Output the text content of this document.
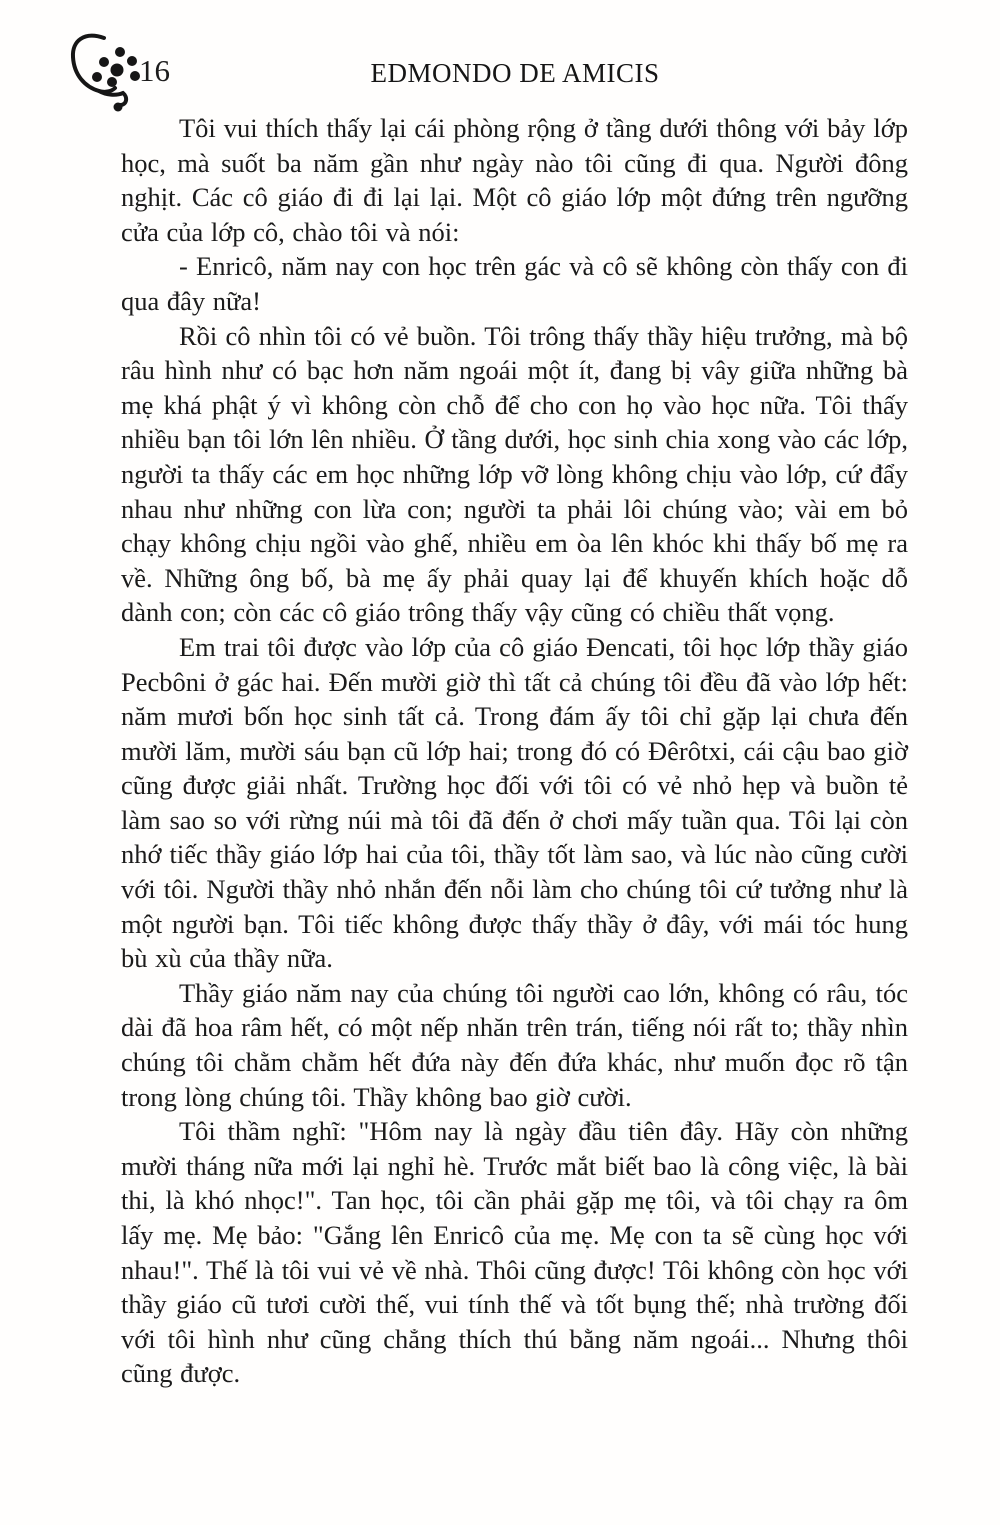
16	EDMONDO DE AMICIS

Tôi vui thích thấy lại cái phòng rộng ở tầng dưới thông với bảy lớp học, mà suốt ba năm gần như ngày nào tôi cũng đi qua. Người đông nghịt. Các cô giáo đi đi lại lại. Một cô giáo lớp một đứng trên ngưỡng cửa của lớp cô, chào tôi và nói:

- Enricô, năm nay con học trên gác và cô sẽ không còn thấy con đi qua đây nữa!

Rồi cô nhìn tôi có vẻ buồn. Tôi trông thấy thầy hiệu trưởng, mà bộ râu hình như có bạc hơn năm ngoái một ít, đang bị vây giữa những bà mẹ khá phật ý vì không còn chỗ để cho con họ vào học nữa. Tôi thấy nhiều bạn tôi lớn lên nhiều. Ở tầng dưới, học sinh chia xong vào các lớp, người ta thấy các em học những lớp vỡ lòng không chịu vào lớp, cứ đẩy nhau như những con lừa con; người ta phải lôi chúng vào; vài em bỏ chạy không chịu ngồi vào ghế, nhiều em òa lên khóc khi thấy bố mẹ ra về. Những ông bố, bà mẹ ấy phải quay lại để khuyến khích hoặc dỗ dành con; còn các cô giáo trông thấy vậy cũng có chiều thất vọng.

Em trai tôi được vào lớp của cô giáo Đencati, tôi học lớp thầy giáo Pecbôni ở gác hai. Đến mười giờ thì tất cả chúng tôi đều đã vào lớp hết: năm mươi bốn học sinh tất cả. Trong đám ấy tôi chỉ gặp lại chưa đến mười lăm, mười sáu bạn cũ lớp hai; trong đó có Đêrôtxi, cái cậu bao giờ cũng được giải nhất. Trường học đối với tôi có vẻ nhỏ hẹp và buồn tẻ làm sao so với rừng núi mà tôi đã đến ở chơi mấy tuần qua. Tôi lại còn nhớ tiếc thầy giáo lớp hai của tôi, thầy tốt làm sao, và lúc nào cũng cười với tôi. Người thầy nhỏ nhắn đến nỗi làm cho chúng tôi cứ tưởng như là một người bạn. Tôi tiếc không được thấy thầy ở đây, với mái tóc hung bù xù của thầy nữa.

Thầy giáo năm nay của chúng tôi người cao lớn, không có râu, tóc dài đã hoa râm hết, có một nếp nhăn trên trán, tiếng nói rất to; thầy nhìn chúng tôi chằm chằm hết đứa này đến đứa khác, như muốn đọc rõ tận trong lòng chúng tôi. Thầy không bao giờ cười.

Tôi thầm nghĩ: "Hôm nay là ngày đầu tiên đây. Hãy còn những mười tháng nữa mới lại nghỉ hè. Trước mắt biết bao là công việc, là bài thi, là khó nhọc!". Tan học, tôi cần phải gặp mẹ tôi, và tôi chạy ra ôm lấy mẹ. Mẹ bảo: "Gắng lên Enricô của mẹ. Mẹ con ta sẽ cùng học với nhau!". Thế là tôi vui vẻ về nhà. Thôi cũng được! Tôi không còn học với thầy giáo cũ tươi cười thế, vui tính thế và tốt bụng thế; nhà trường đối với tôi hình như cũng chẳng thích thú bằng năm ngoái... Nhưng thôi cũng được.
